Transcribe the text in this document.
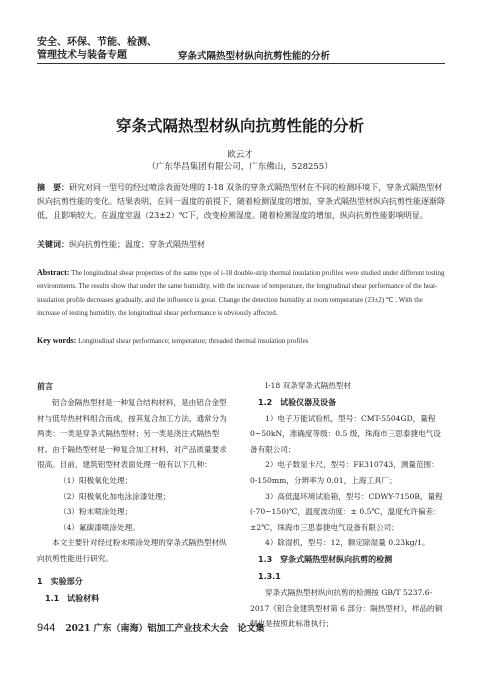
安全、环保、节能、检测、
管理技术与装备专题	穿条式隔热型材纵向抗剪性能的分析
穿条式隔热型材纵向抗剪性能的分析
欧云才
（广东华昌集团有限公司，广东佛山，528255）
摘　要：研究对同一型号的经过喷涂表面处理的 I-18 双条的穿条式隔热型材在不同的检测环境下，穿条式隔热型材纵向抗剪性能的变化。结果表明，在同一温度的前提下，随着检测湿度的增加，穿条式隔热型材纵向抗剪性能逐渐降低，且影响较大。在温度室温（23±2）℃下，改变检测湿度。随着检测湿度的增加，纵向抗剪性能影响明显。
关键词：纵向抗剪性能；温度；穿条式隔热型材
Abstract: The longitudinal shear properties of the same type of i-18 double-strip thermal insulation profiles were studied under different testing environments. The results show that under the same humidity, with the increase of temperature, the longitudinal shear performance of the heat-insulation profile decreases gradually, and the influence is great. Change the detection humidity at room temperature (23±2) ℃ . With the increase of testing humidity, the longitudinal shear performance is obviously affected.
Key words: Longitudinal shear performance; temperature; threaded thermal insulation profiles

前言

铝合金隔热型材是一种复合结构材料，是由铝合金型材与低导热材料组合而成，按其复合加工方法，通常分为两类：一类是穿条式隔热型材；另一类是浇注式隔热型材。由于隔热型材是一种复合加工材料，对产品质量要求很高。目前，建筑铝型材表面处理一般有以下几种：

（1）阳极氧化处理；

（2）阳极氧化加电泳涂漆处理；

（3）粉末喷涂处理；

（4）氟碳漆喷涂处理。

本文主要针对经过粉末喷涂处理的穿条式隔热型材纵向抗剪性能进行研究。

1　实验部分

1.1　试验材料

I-18 双条穿条式隔热型材

1.2　试验仪器及设备

1）电子万能试验机，型号：CMT-5504GD，量程 0~50kN，准确度等级：0.5 级，珠海市三思泰捷电气设备有限公司；

2）电子数显卡尺，型号：FE310743，测量范围：0-150mm，分辨率为 0.01，上海工具厂；

3）高低温环境试验箱，型号：CDWY-7150B，量程(-70~150)℃，温度波动度：± 0.5℃，温度允许偏差：±2℃，珠海市三思泰捷电气设备有限公司；

4）除湿机，型号：12，额定除湿量 0.23kg/1。

1.3　穿条式隔热型材纵向抗剪的检测

1.3.1

穿条式隔热型材纵向抗剪的检测按 GB/T 5237.6-2017《铝合金建筑型材第 6 部分：隔热型材》，样品的铜制也是按照此标准执行；

944 2021 广东（南海）铝加工产业技术大会　论文集
